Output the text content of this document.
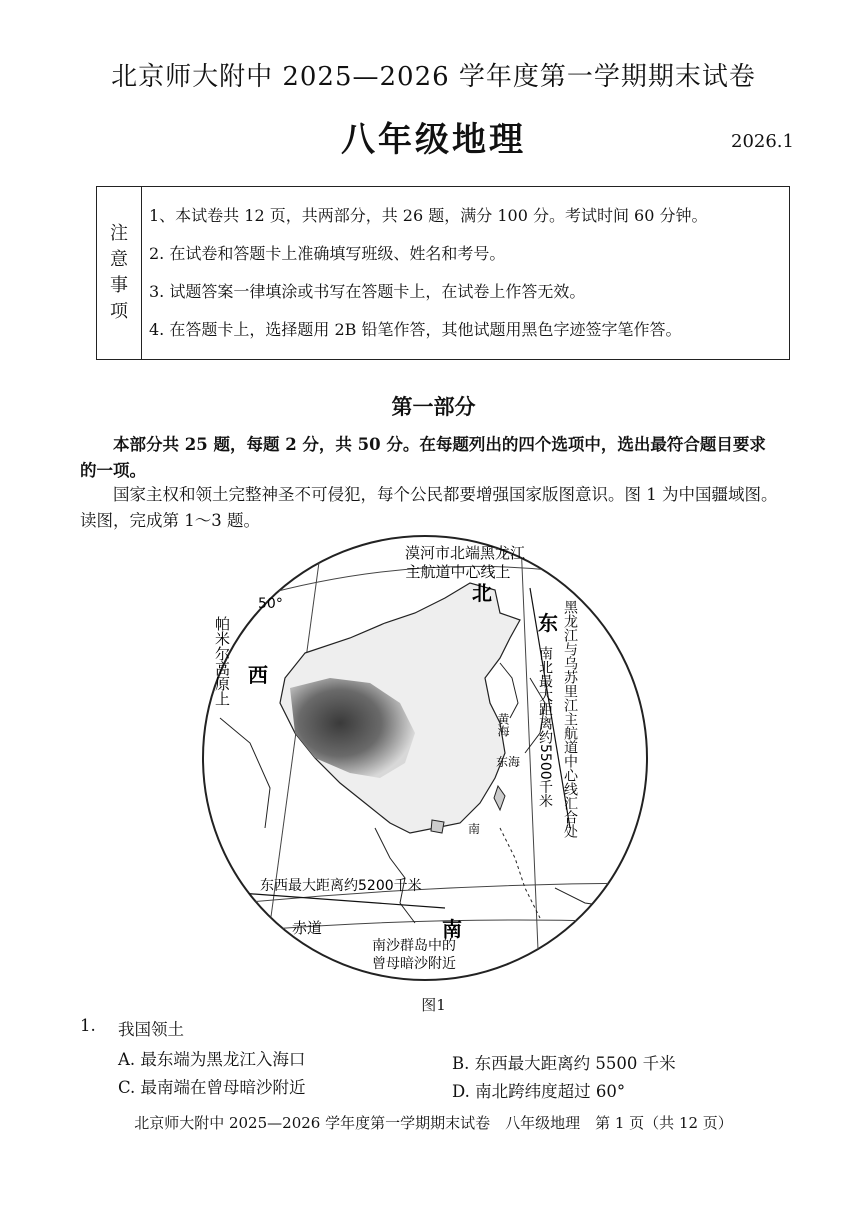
北京师大附中 2025—2026 学年度第一学期期末试卷
八年级地理	2026.1
注
意
事
项
1、本试卷共 12 页，共两部分，共 26 题，满分 100 分。考试时间 60 分钟。
2. 在试卷和答题卡上准确填写班级、姓名和考号。
3. 试题答案一律填涂或书写在答题卡上，在试卷上作答无效。
4. 在答题卡上，选择题用 2B 铅笔作答，其他试题用黑色字迹签字笔作答。
第一部分
本部分共 25 题，每题 2 分，共 50 分。在每题列出的四个选项中，选出最符合题目要求的一项。
国家主权和领土完整神圣不可侵犯，每个公民都要增强国家版图意识。图 1 为中国疆域图。读图，完成第 1～3 题。
漠河市北端黑龙江
主航道中心线上
北
东
西
南
50°
帕米尔高原上	黑龙江与乌苏里江主航道中心线汇合处
南北最大距离约5500千米
东西最大距离约5200千米
赤道
南沙群岛中的
曾母暗沙附近
黄海
东海
南
图1
1. 我国领土
A. 最东端为黑龙江入海口	B. 东西最大距离约 5500 千米
C. 最南端在曾母暗沙附近	D. 南北跨纬度超过 60°
北京师大附中 2025—2026 学年度第一学期期末试卷　八年级地理　第 1 页（共 12 页）
